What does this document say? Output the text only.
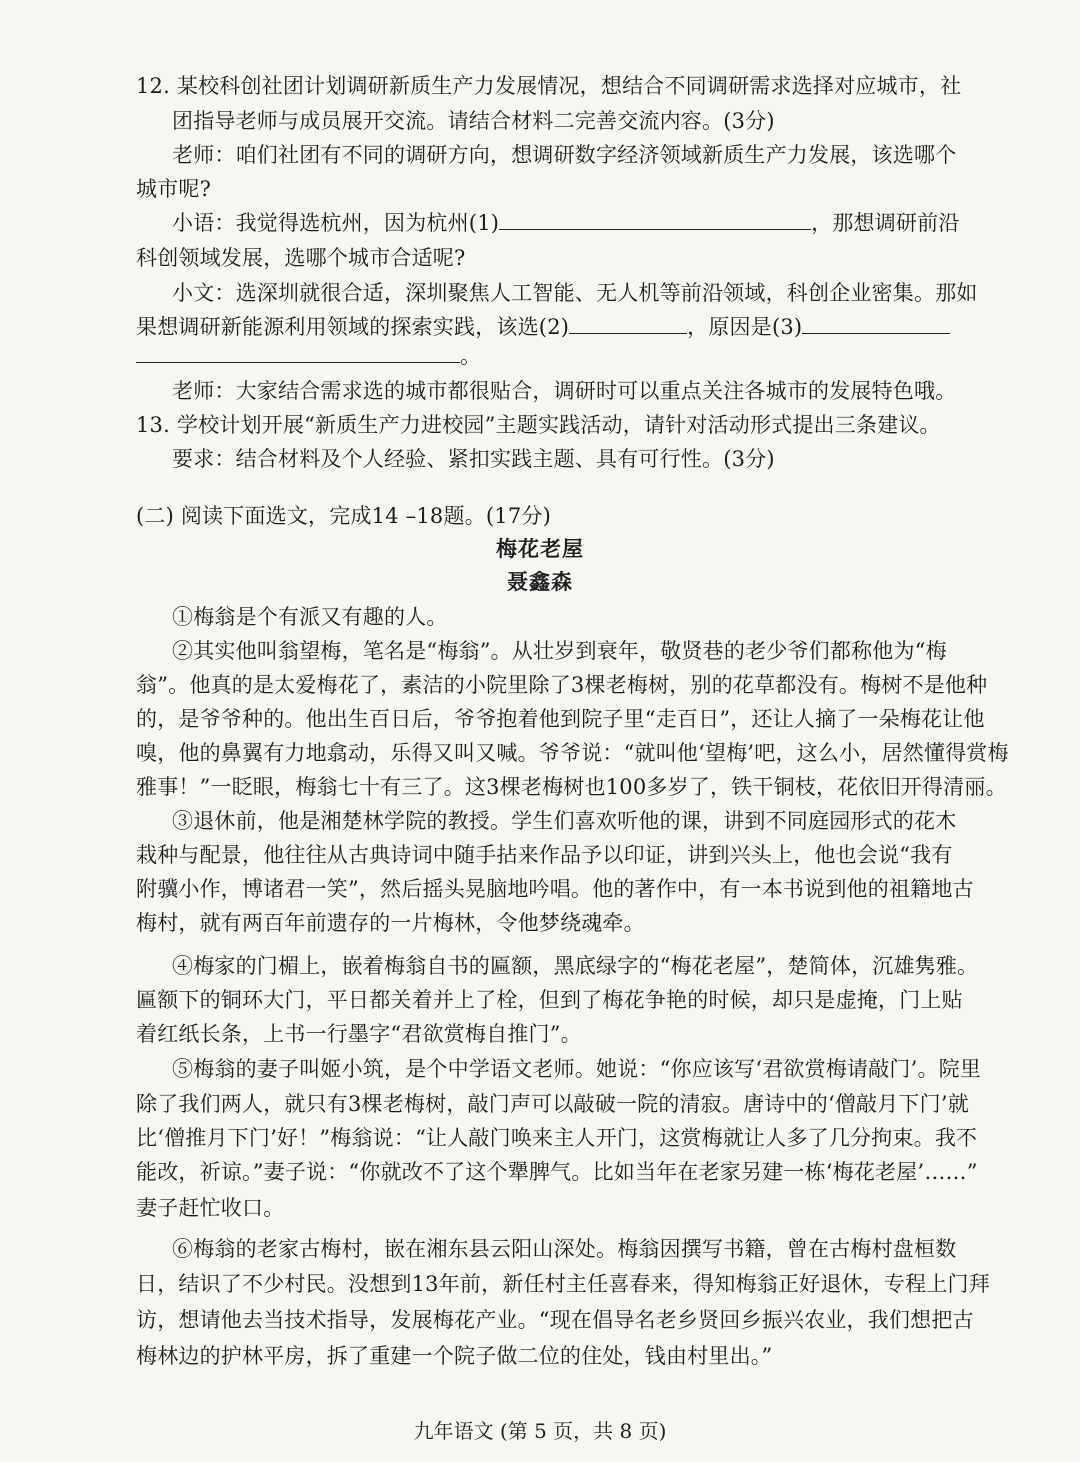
12. 某校科创社团计划调研新质生产力发展情况，想结合不同调研需求选择对应城市，社
团指导老师与成员展开交流。请结合材料二完善交流内容。(3分)
老师：咱们社团有不同的调研方向，想调研数字经济领域新质生产力发展，该选哪个
城市呢?
小语：我觉得选杭州，因为杭州(1)	，那想调研前沿
科创领域发展，选哪个城市合适呢?
小文：选深圳就很合适，深圳聚焦人工智能、无人机等前沿领域，科创企业密集。那如
果想调研新能源利用领域的探索实践，该选(2)	，原因是(3)
。
老师：大家结合需求选的城市都很贴合，调研时可以重点关注各城市的发展特色哦。
13. 学校计划开展“新质生产力进校园”主题实践活动，请针对活动形式提出三条建议。
要求：结合材料及个人经验、紧扣实践主题、具有可行性。(3分)
(二) 阅读下面选文，完成14 –18题。(17分)
梅花老屋
聂鑫森
①梅翁是个有派又有趣的人。
②其实他叫翁望梅，笔名是“梅翁”。从壮岁到衰年，敬贤巷的老少爷们都称他为“梅
翁”。他真的是太爱梅花了，素洁的小院里除了3棵老梅树，别的花草都没有。梅树不是他种
的，是爷爷种的。他出生百日后，爷爷抱着他到院子里“走百日”，还让人摘了一朵梅花让他
嗅，他的鼻翼有力地翕动，乐得又叫又喊。爷爷说：“就叫他‘望梅’吧，这么小，居然懂得赏梅
雅事！”一眨眼，梅翁七十有三了。这3棵老梅树也100多岁了，铁干铜枝，花依旧开得清丽。
③退休前，他是湘楚林学院的教授。学生们喜欢听他的课，讲到不同庭园形式的花木
栽种与配景，他往往从古典诗词中随手拈来作品予以印证，讲到兴头上，他也会说“我有
附骥小作，博诸君一笑”，然后摇头晃脑地吟唱。他的著作中，有一本书说到他的祖籍地古
梅村，就有两百年前遗存的一片梅林，令他梦绕魂牵。
④梅家的门楣上，嵌着梅翁自书的匾额，黑底绿字的“梅花老屋”，楚简体，沉雄隽雅。
匾额下的铜环大门，平日都关着并上了栓，但到了梅花争艳的时候，却只是虚掩，门上贴
着红纸长条，上书一行墨字“君欲赏梅自推门”。
⑤梅翁的妻子叫姬小筑，是个中学语文老师。她说：“你应该写‘君欲赏梅请敲门’。院里
除了我们两人，就只有3棵老梅树，敲门声可以敲破一院的清寂。唐诗中的‘僧敲月下门’就
比‘僧推月下门’好！”梅翁说：“让人敲门唤来主人开门，这赏梅就让人多了几分拘束。我不
能改，祈谅。”妻子说：“你就改不了这个犟脾气。比如当年在老家另建一栋‘梅花老屋’……”
妻子赶忙收口。
⑥梅翁的老家古梅村，嵌在湘东县云阳山深处。梅翁因撰写书籍，曾在古梅村盘桓数
日，结识了不少村民。没想到13年前，新任村主任喜春来，得知梅翁正好退休，专程上门拜
访，想请他去当技术指导，发展梅花产业。“现在倡导名老乡贤回乡振兴农业，我们想把古
梅林边的护林平房，拆了重建一个院子做二位的住处，钱由村里出。”
九年语文 (第 5 页，共 8 页)
